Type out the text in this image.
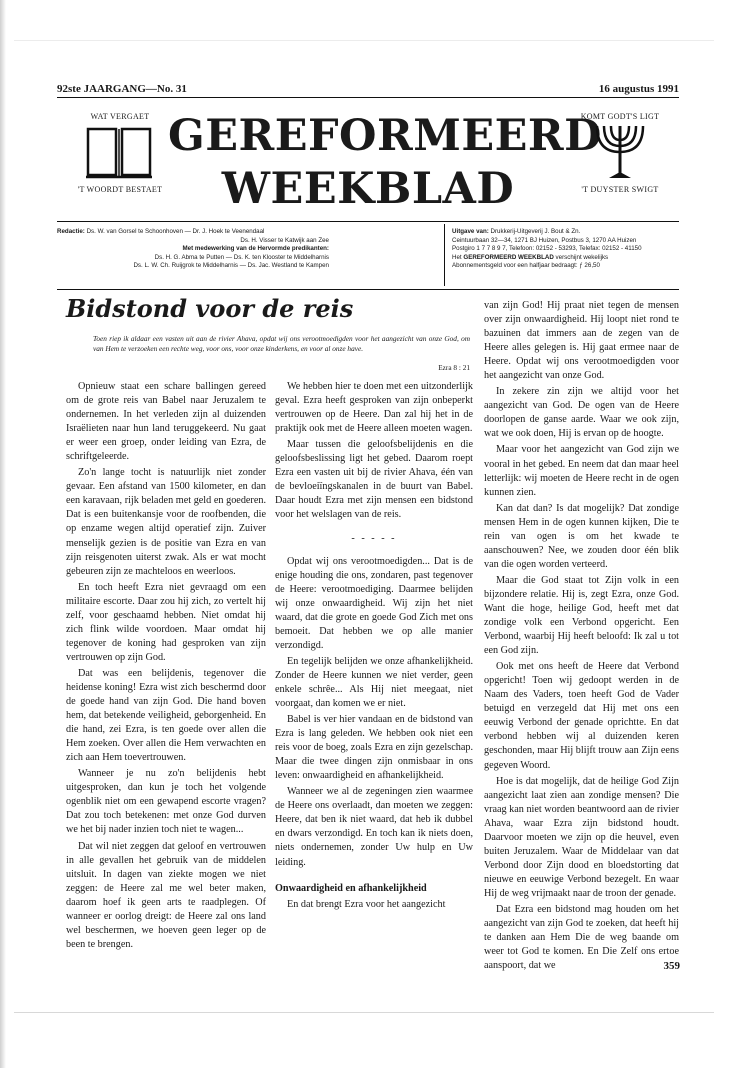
92ste JAARGANG—No. 31	16 augustus 1991
WAT VERGAET
'T WOORDT BESTAET
GEREFORMEERD
WEEKBLAD
KOMT GODT'S LIGT
'T DUYSTER SWIGT
Redactie: Ds. W. van Gorsel te Schoonhoven — Dr. J. Hoek te Veenendaal
Ds. H. Visser te Katwijk aan Zee
Met medewerking van de Hervormde predikanten:
Ds. H. G. Abma te Putten — Ds. K. ten Klooster te Middelharnis
Ds. L. W. Ch. Ruijgrok te Middelharnis — Ds. Jac. Westland te Kampen
Uitgave van: Drukkerij-Uitgeverij J. Bout & Zn.
Ceintuurbaan 32—34, 1271 BJ Huizen, Postbus 3, 1270 AA Huizen
Postgiro 1 7 7 8 9 7, Telefoon: 02152 - 53293, Telefax: 02152 - 41150
Het GEREFORMEERD WEEKBLAD verschijnt wekelijks
Abonnementsgeld voor een halfjaar bedraagt: ƒ 26,50
Bidstond voor de reis
Toen riep ik aldaar een vasten uit aan de rivier Ahava, opdat wij ons verootmoedigden voor het aangezicht van onze God, om van Hem te verzoeken een rechte weg, voor ons, voor onze kinderkens, en voor al onze have.
Ezra 8 : 21

Opnieuw staat een schare ballingen gereed om de grote reis van Babel naar Jeruzalem te ondernemen. In het verleden zijn al duizenden Israëlieten naar hun land teruggekeerd. Nu gaat er weer een groep, onder leiding van Ezra, de schriftgeleerde.

Zo'n lange tocht is natuurlijk niet zonder gevaar. Een afstand van 1500 kilometer, en dan een karavaan, rijk beladen met geld en goederen. Dat is een buitenkansje voor de roofbenden, die op enzame wegen altijd operatief zijn. Zuiver menselijk gezien is de positie van Ezra en van zijn reisgenoten uiterst zwak. Als er wat mocht gebeuren zijn ze machteloos en weerloos.

En toch heeft Ezra niet gevraagd om een militaire escorte. Daar zou hij zich, zo vertelt hij zelf, voor geschaamd hebben. Niet omdat hij zich flink wilde voordoen. Maar omdat hij tegenover de koning had gesproken van zijn vertrouwen op zijn God.

Dat was een belijdenis, tegenover die heidense koning! Ezra wist zich beschermd door de goede hand van zijn God. Die hand boven hem, dat betekende veiligheid, geborgenheid. En die hand, zei Ezra, is ten goede over allen die Hem zoeken. Over allen die Hem verwachten en zich aan Hem toevertrouwen.

Wanneer je nu zo'n belijdenis hebt uitgesproken, dan kun je toch het volgende ogenblik niet om een gewapend escorte vragen? Dat zou toch betekenen: met onze God durven we het bij nader inzien toch niet te wagen...

Dat wil niet zeggen dat geloof en vertrouwen in alle gevallen het gebruik van de middelen uitsluit. In dagen van ziekte mogen we niet zeggen: de Heere zal me wel beter maken, daarom hoef ik geen arts te raadplegen. Of wanneer er oorlog dreigt: de Heere zal ons land wel beschermen, we hoeven geen leger op de been te brengen.

We hebben hier te doen met een uitzonderlijk geval. Ezra heeft gesproken van zijn onbeperkt vertrouwen op de Heere. Dan zal hij het in de praktijk ook met de Heere alleen moeten wagen.

Maar tussen die geloofsbelijdenis en die geloofsbeslissing ligt het gebed. Daarom roept Ezra een vasten uit bij de rivier Ahava, één van de bevloeiïngskanalen in de buurt van Babel. Daar houdt Ezra met zijn mensen een bidstond voor het welslagen van de reis.

- - - - -

Opdat wij ons verootmoedigden... Dat is de enige houding die ons, zondaren, past tegenover de Heere: verootmoediging. Daarmee belijden wij onze onwaardigheid. Wij zijn het niet waard, dat die grote en goede God Zich met ons bemoeit. Dat hebben we op alle manier verzondigd.

En tegelijk belijden we onze afhankelijkheid. Zonder de Heere kunnen we niet verder, geen enkele schrêe... Als Hij niet meegaat, niet voorgaat, dan komen we er niet.

Babel is ver hier vandaan en de bidstond van Ezra is lang geleden. We hebben ook niet een reis voor de boeg, zoals Ezra en zijn gezelschap. Maar die twee dingen zijn onmisbaar in ons leven: onwaardigheid en afhankelijkheid.

Wanneer we al de zegeningen zien waarmee de Heere ons overlaadt, dan moeten we zeggen: Heere, dat ben ik niet waard, dat heb ik dubbel en dwars verzondigd. En toch kan ik niets doen, niets ondernemen, zonder Uw hulp en Uw leiding.

Onwaardigheid en afhankelijkheid

En dat brengt Ezra voor het aangezicht

van zijn God! Hij praat niet tegen de mensen over zijn onwaardigheid. Hij loopt niet rond te bazuinen dat immers aan de zegen van de Heere alles gelegen is. Hij gaat ermee naar de Heere. Opdat wij ons verootmoedigden voor het aangezicht van onze God.

In zekere zin zijn we altijd voor het aangezicht van God. De ogen van de Heere doorlopen de ganse aarde. Waar we ook zijn, wat we ook doen, Hij is ervan op de hoogte.

Maar voor het aangezicht van God zijn we vooral in het gebed. En neem dat dan maar heel letterlijk: wij moeten de Heere recht in de ogen kunnen zien.

Kan dat dan? Is dat mogelijk? Dat zondige mensen Hem in de ogen kunnen kijken, Die te rein van ogen is om het kwade te aanschouwen? Nee, we zouden door één blik van die ogen worden verteerd.

Maar die God staat tot Zijn volk in een bijzondere relatie. Hij is, zegt Ezra, onze God. Want die hoge, heilige God, heeft met dat zondige volk een Verbond opgericht. Een Verbond, waarbij Hij heeft beloofd: Ik zal u tot een God zijn.

Ook met ons heeft de Heere dat Verbond opgericht! Toen wij gedoopt werden in de Naam des Vaders, toen heeft God de Vader betuigd en verzegeld dat Hij met ons een eeuwig Verbond der genade oprichtte. En dat verbond hebben wij al duizenden keren geschonden, maar Hij blijft trouw aan Zijn eens gegeven Woord.

Hoe is dat mogelijk, dat de heilige God Zijn aangezicht laat zien aan zondige mensen? Die vraag kan niet worden beantwoord aan de rivier Ahava, waar Ezra zijn bidstond houdt. Daarvoor moeten we zijn op die heuvel, even buiten Jeruzalem. Waar de Middelaar van dat Verbond door Zijn dood en bloedstorting dat nieuwe en eeuwige Verbond bezegelt. En waar Hij de weg vrijmaakt naar de troon der genade.

Dat Ezra een bidstond mag houden om het aangezicht van zijn God te zoeken, dat heeft hij te danken aan Hem Die de weg baande om weer tot God te komen. En Die Zelf ons ertoe aanspoort, dat we	359
